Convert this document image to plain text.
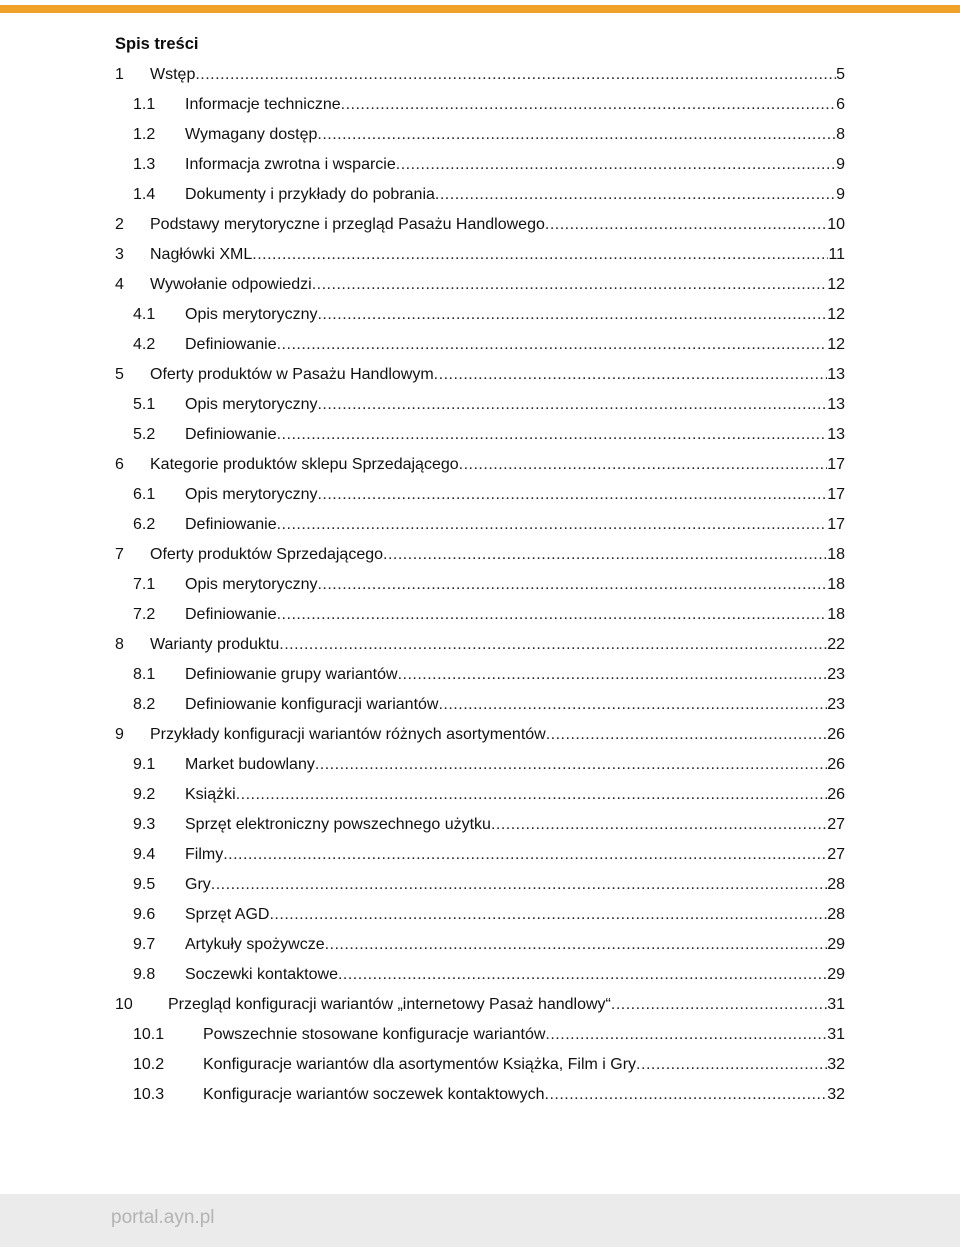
Spis treści
1 Wstęp .....	5
1.1 Informacje techniczne .....	6
1.2 Wymagany dostęp .....	8
1.3 Informacja zwrotna i wsparcie .....	9
1.4 Dokumenty i przykłady do pobrania .....	9
2 Podstawy merytoryczne i przegląd Pasażu Handlowego .....	10
3 Nagłówki XML .....	11
4 Wywołanie odpowiedzi .....	12
4.1 Opis merytoryczny .....	12
4.2 Definiowanie .....	12
5 Oferty produktów w Pasażu Handlowym .....	13
5.1 Opis merytoryczny .....	13
5.2 Definiowanie .....	13
6 Kategorie produktów sklepu Sprzedającego .....	17
6.1 Opis merytoryczny .....	17
6.2 Definiowanie .....	17
7 Oferty produktów Sprzedającego .....	18
7.1 Opis merytoryczny .....	18
7.2 Definiowanie .....	18
8 Warianty produktu .....	22
8.1 Definiowanie grupy wariantów .....	23
8.2 Definiowanie konfiguracji wariantów .....	23
9 Przykłady konfiguracji wariantów różnych asortymentów .....	26
9.1 Market budowlany .....	26
9.2 Książki .....	26
9.3 Sprzęt elektroniczny powszechnego użytku .....	27
9.4 Filmy .....	27
9.5 Gry .....	28
9.6 Sprzęt AGD .....	28
9.7 Artykuły spożywcze .....	29
9.8 Soczewki kontaktowe .....	29
10 Przegląd konfiguracji wariantów „internetowy Pasaż handlowy“ .....	31
10.1 Powszechnie stosowane konfiguracje wariantów .....	31
10.2 Konfiguracje wariantów dla asortymentów Książka, Film i Gry .....	32
10.3 Konfiguracje wariantów soczewek kontaktowych .....	32
portal.ayn.pl
